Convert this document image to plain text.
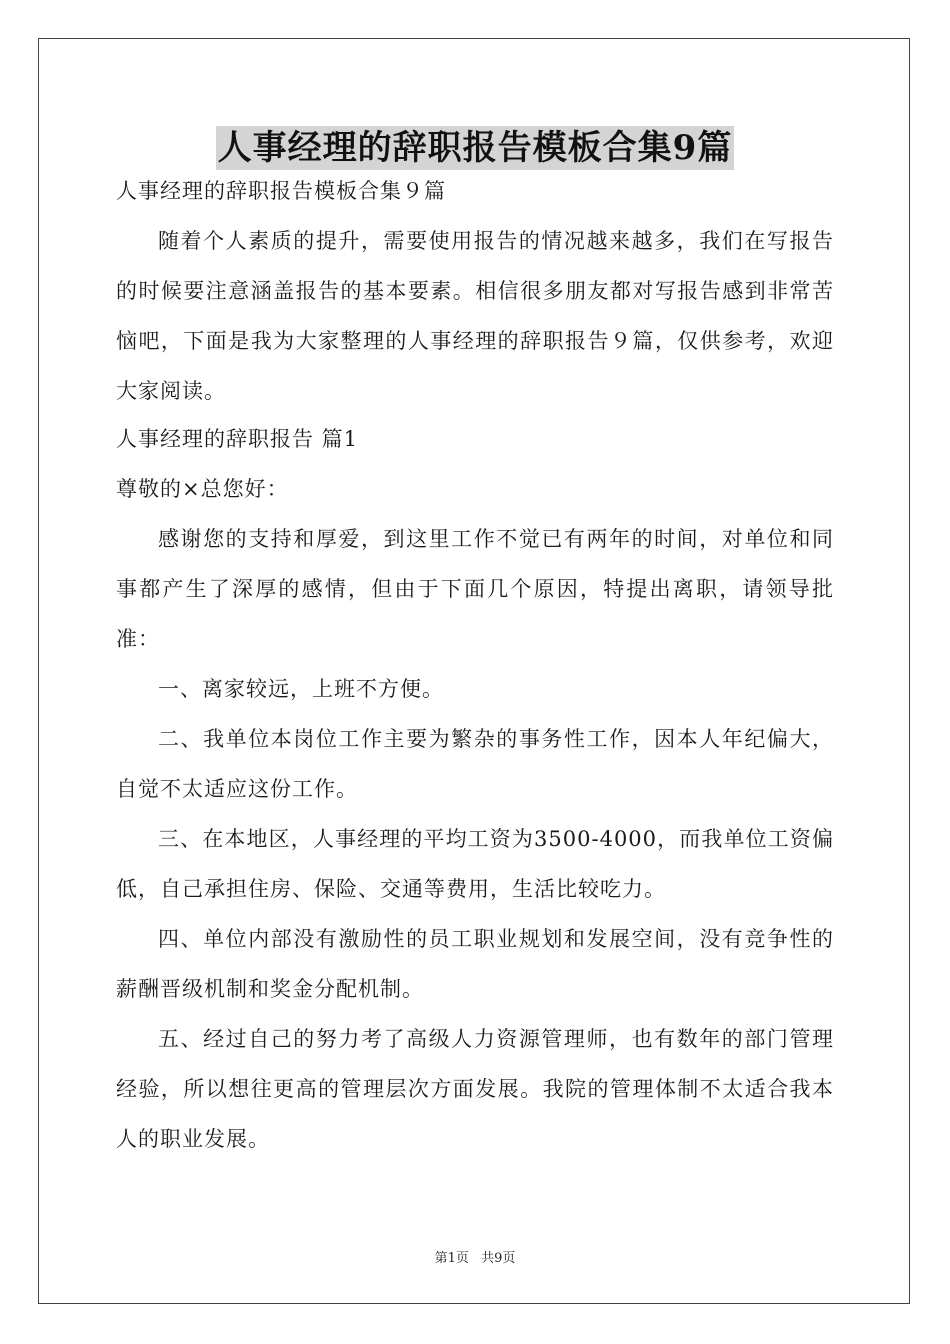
人事经理的辞职报告模板合集9篇

人事经理的辞职报告模板合集９篇

随着个人素质的提升，需要使用报告的情况越来越多，我们在写报告的时候要注意涵盖报告的基本要素。相信很多朋友都对写报告感到非常苦恼吧，下面是我为大家整理的人事经理的辞职报告９篇，仅供参考，欢迎大家阅读。

人事经理的辞职报告 篇1

尊敬的×总您好：

感谢您的支持和厚爱，到这里工作不觉已有两年的时间，对单位和同事都产生了深厚的感情，但由于下面几个原因，特提出离职，请领导批准：

一、离家较远，上班不方便。

二、我单位本岗位工作主要为繁杂的事务性工作，因本人年纪偏大，自觉不太适应这份工作。

三、在本地区，人事经理的平均工资为3500-4000，而我单位工资偏低，自己承担住房、保险、交通等费用，生活比较吃力。

四、单位内部没有激励性的员工职业规划和发展空间，没有竞争性的薪酬晋级机制和奖金分配机制。

五、经过自己的努力考了高级人力资源管理师，也有数年的部门管理经验，所以想往更高的管理层次方面发展。我院的管理体制不太适合我本人的职业发展。

第1页 共9页
